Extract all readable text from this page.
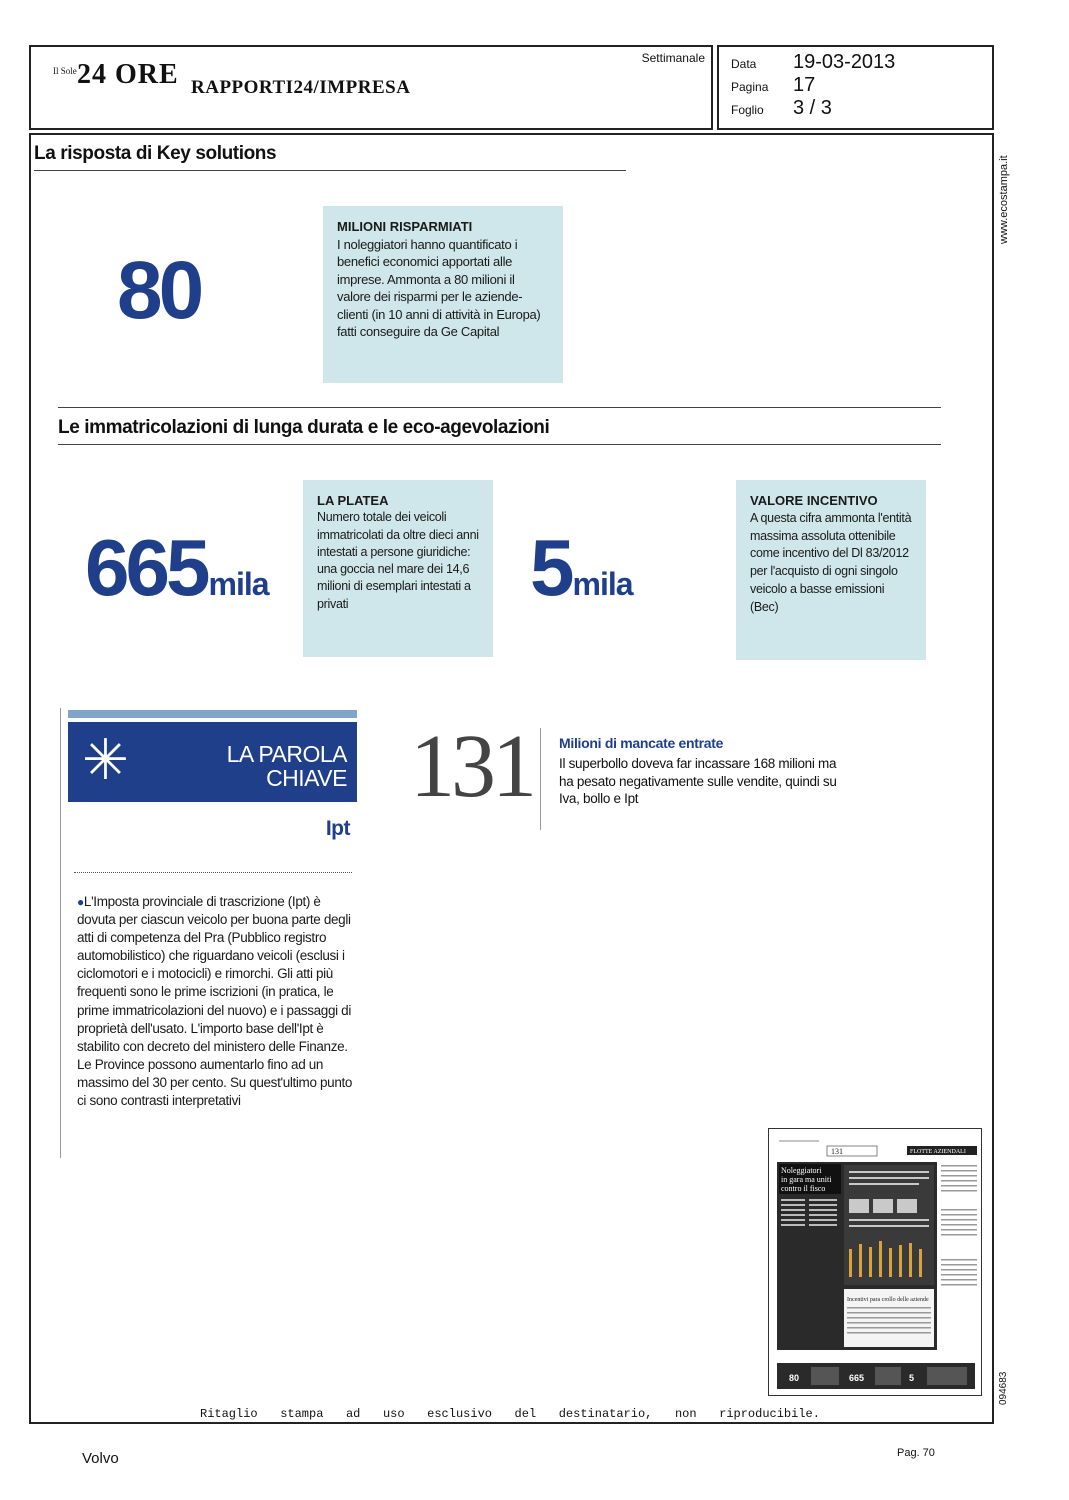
Il Sole 24 ORE RAPPORTI24/IMPRESA
Settimanale Data	19-03-2013
Pagina	17
Foglio	3 / 3
www.ecostampa.it
094683
La risposta di Key solutions
80
MILIONI RISPARMIATI
I noleggiatori hanno quantificato i benefici economici apportati alle imprese. Ammonta a 80 milioni il valore dei risparmi per le aziende-clienti (in 10 anni di attività in Europa) fatti conseguire da Ge Capital
Le immatricolazioni di lunga durata e le eco-agevolazioni
665mila
LA PLATEA
Numero totale dei veicoli immatricolati da oltre dieci anni intestati a persone giuridiche: una goccia nel mare dei 14,6 milioni di esemplari intestati a privati	5mila
VALORE INCENTIVO
A questa cifra ammonta l'entità massima assoluta ottenibile come incentivo del Dl 83/2012 per l'acquisto di ogni singolo veicolo a basse emissioni (Bec)
✳	LA PAROLA
CHIAVE
Ipt
●L'Imposta provinciale di trascrizione (Ipt) è dovuta per ciascun veicolo per buona parte degli atti di competenza del Pra (Pubblico registro automobilistico) che riguardano veicoli (esclusi i ciclomotori e i motocicli) e rimorchi. Gli atti più frequenti sono le prime iscrizioni (in pratica, le prime immatricolazioni del nuovo) e i passaggi di proprietà dell'usato. L'importo base dell'Ipt è stabilito con decreto del ministero delle Finanze. Le Province possono aumentarlo fino ad un massimo del 30 per cento. Su quest'ultimo punto ci sono contrasti interpretativi
131 Milioni di mancate entrate
Il superbollo doveva far incassare 168 milioni ma ha pesato negativamente sulle vendite, quindi su Iva, bollo e Ipt
131	FLOTTE AZIENDALI
Noleggiatori in gara ma uniti contro il fisco
Incentivi para crollo delle aziende
80	665	5
Ritaglio stampa ad uso esclusivo del destinatario, non riproducibile.
Volvo	Pag. 70
